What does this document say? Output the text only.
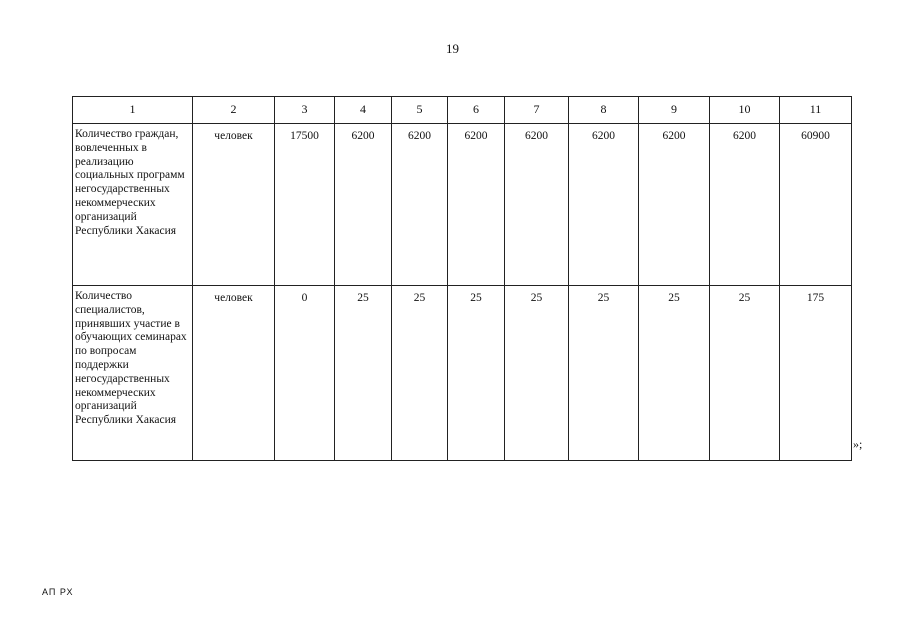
19
1	2	3	4	5	6	7	8	9	10	11
Количество граждан, вовлеченных в реализацию социальных программ негосударственных некоммерческих организаций Республики Хакасия	человек	17500	6200	6200	6200	6200	6200	6200	6200	60900
Количество специалистов, принявших участие в обучающих семинарах по вопросам поддержки негосударственных некоммерческих организаций Республики Хакасия	человек	0	25	25	25	25	25	25	25	175
»;
АП РХ
